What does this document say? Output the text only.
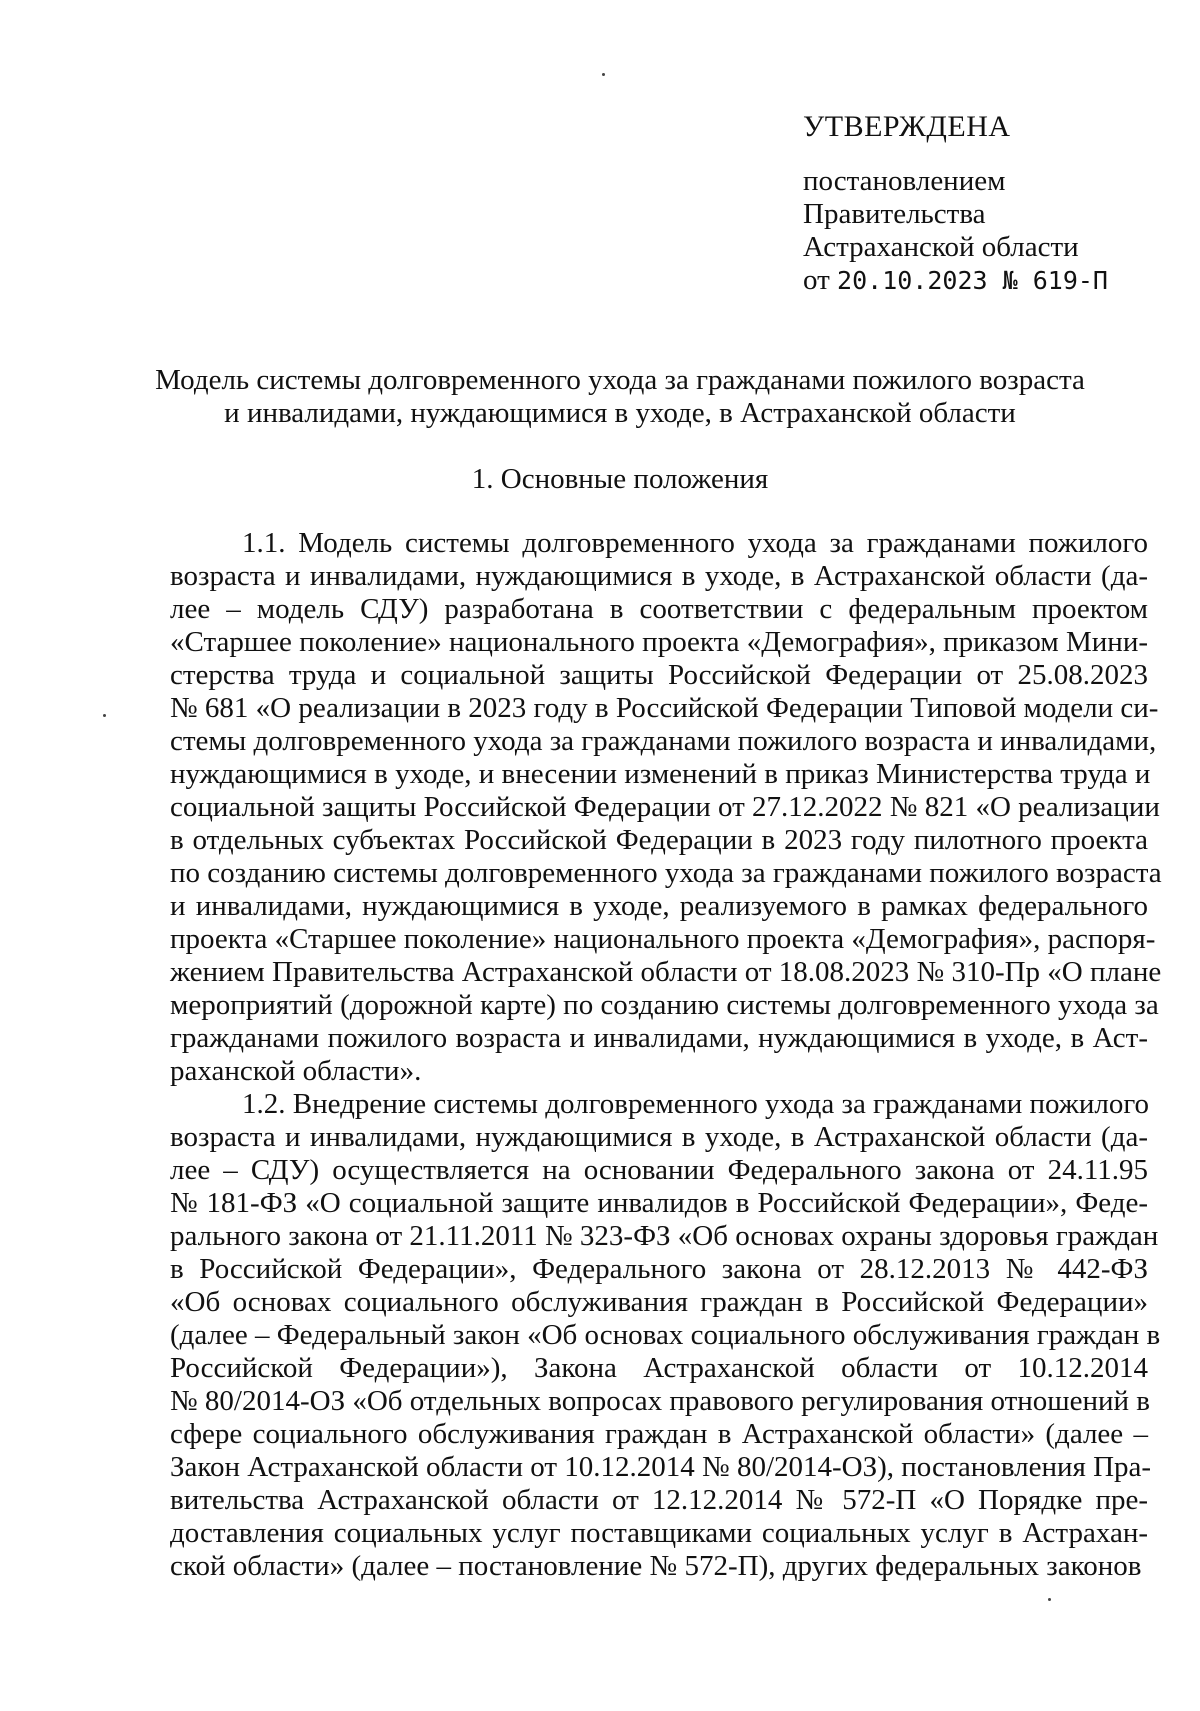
УТВЕРЖДЕНА
постановлением
Правительства
Астраханской области
от 20.10.2023 № 619-П
Модель системы долговременного ухода за гражданами пожилого возраста
и инвалидами, нуждающимися в уходе, в Астраханской области
1. Основные положения

1.1. Модель системы долговременного ухода за гражданами пожилого
возраста и инвалидами, нуждающимися в уходе, в Астраханской области (да-
лее – модель СДУ) разработана в соответствии с федеральным проектом
«Старшее поколение» национального проекта «Демография», приказом Мини-
стерства труда и социальной защиты Российской Федерации от 25.08.2023
№ 681 «О реализации в 2023 году в Российской Федерации Типовой модели си-
стемы долговременного ухода за гражданами пожилого возраста и инвалидами,
нуждающимися в уходе, и внесении изменений в приказ Министерства труда и
социальной защиты Российской Федерации от 27.12.2022 № 821 «О реализации
в отдельных субъектах Российской Федерации в 2023 году пилотного проекта
по созданию системы долговременного ухода за гражданами пожилого возраста
и инвалидами, нуждающимися в уходе, реализуемого в рамках федерального
проекта «Старшее поколение» национального проекта «Демография», распоря-
жением Правительства Астраханской области от 18.08.2023 № 310-Пр «О плане
мероприятий (дорожной карте) по созданию системы долговременного ухода за
гражданами пожилого возраста и инвалидами, нуждающимися в уходе, в Аст-
раханской области».

1.2. Внедрение системы долговременного ухода за гражданами пожилого
возраста и инвалидами, нуждающимися в уходе, в Астраханской области (да-
лее – СДУ) осуществляется на основании Федерального закона от 24.11.95
№ 181-ФЗ «О социальной защите инвалидов в Российской Федерации», Феде-
рального закона от 21.11.2011 № 323-ФЗ «Об основах охраны здоровья граждан
в Российской Федерации», Федерального закона от 28.12.2013 № 442-ФЗ
«Об основах социального обслуживания граждан в Российской Федерации»
(далее – Федеральный закон «Об основах социального обслуживания граждан в
Российской Федерации»), Закона Астраханской области от 10.12.2014
№ 80/2014-ОЗ «Об отдельных вопросах правового регулирования отношений в
сфере социального обслуживания граждан в Астраханской области» (далее –
Закон Астраханской области от 10.12.2014 № 80/2014-ОЗ), постановления Пра-
вительства Астраханской области от 12.12.2014 № 572-П «О Порядке пре-
доставления социальных услуг поставщиками социальных услуг в Астрахан-
ской области» (далее – постановление № 572-П), других федеральных законов
